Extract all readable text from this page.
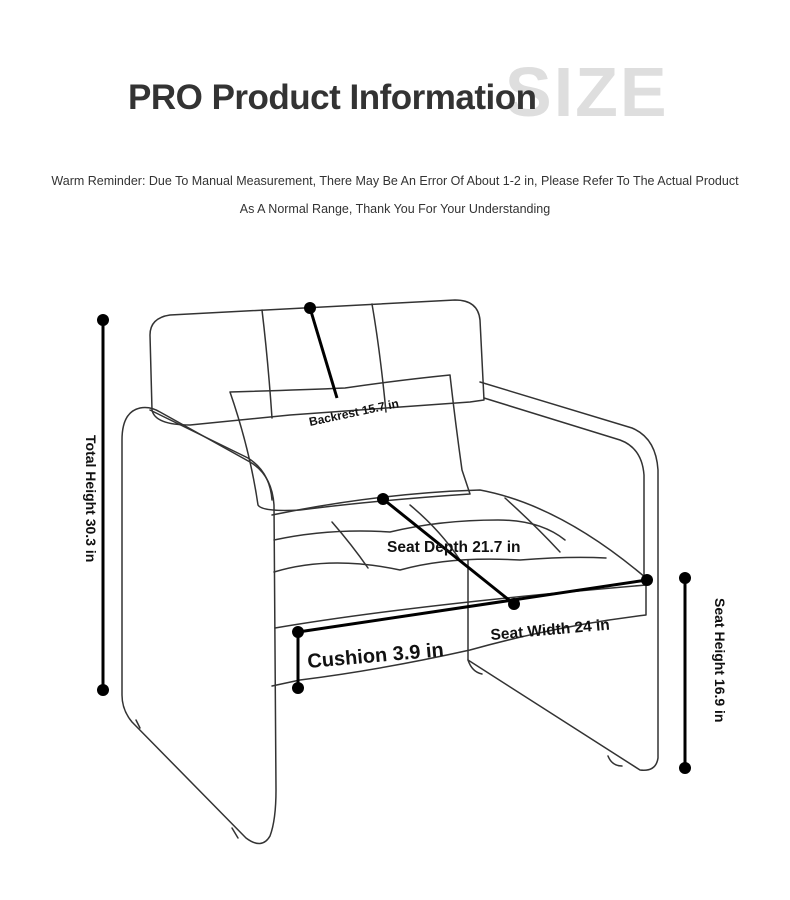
SIZE
PRO Product Information
Warm Reminder: Due To Manual Measurement, There May Be An Error Of About 1-2 in, Please Refer To The Actual Product
As A Normal Range, Thank You For Your Understanding
Total Height 30.3 in
Backrest 15.7 in
Seat Depth 21.7 in
Seat Width 24 in
Cushion 3.9 in	Seat Height 16.9 in
